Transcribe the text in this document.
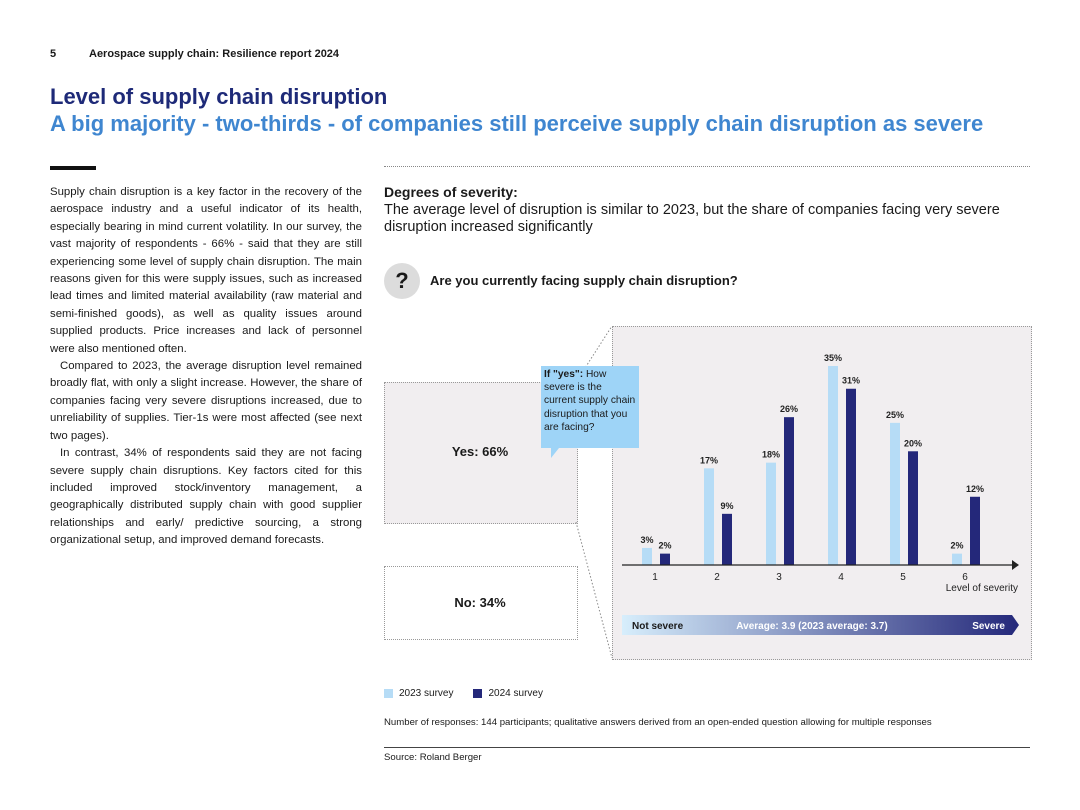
5	Aerospace supply chain: Resilience report 2024
Level of supply chain disruption
A big majority - two-thirds - of companies still perceive supply chain disruption as severe

Supply chain disruption is a key factor in the recovery of the aerospace industry and a useful indicator of its health, especially bearing in mind current volatility. In our survey, the vast majority of respondents - 66% - said that they are still experiencing some level of supply chain disruption. The main reasons given for this were supply issues, such as increased lead times and limited material availability (raw material and semi-finished goods), as well as quality issues around supplied products. Price increases and lack of personnel were also mentioned often.

Compared to 2023, the average disruption level remained broadly flat, with only a slight increase. However, the share of companies facing very severe disruptions increased, due to unreliability of supplies. Tier-1s were most affected (see next two pages).

In contrast, 34% of respondents said they are not facing severe supply chain disruptions. Key factors cited for this included improved stock/inventory management, a geographically distributed supply chain with good supplier relationships and early/ predictive sourcing, a strong organizational setup, and improved demand forecasts.

Degrees of severity:
The average level of disruption is similar to 2023, but the share of companies facing very severe disruption increased significantly
?	Are you currently facing supply chain disruption?
Yes: 66%
No: 34%
3%
2%
1
17%
9%
2
18%
26%
3
35%
31%
4
25%
20%
5
2%
12%
6
Level of severity
Not severe	Average: 3.9 (2023 average: 3.7)	Severe
If "yes": How severe is the current supply chain disruption that you are facing?
2023 survey	2024 survey
Number of responses: 144 participants; qualitative answers derived from an open-ended question allowing for multiple responses
Source: Roland Berger
